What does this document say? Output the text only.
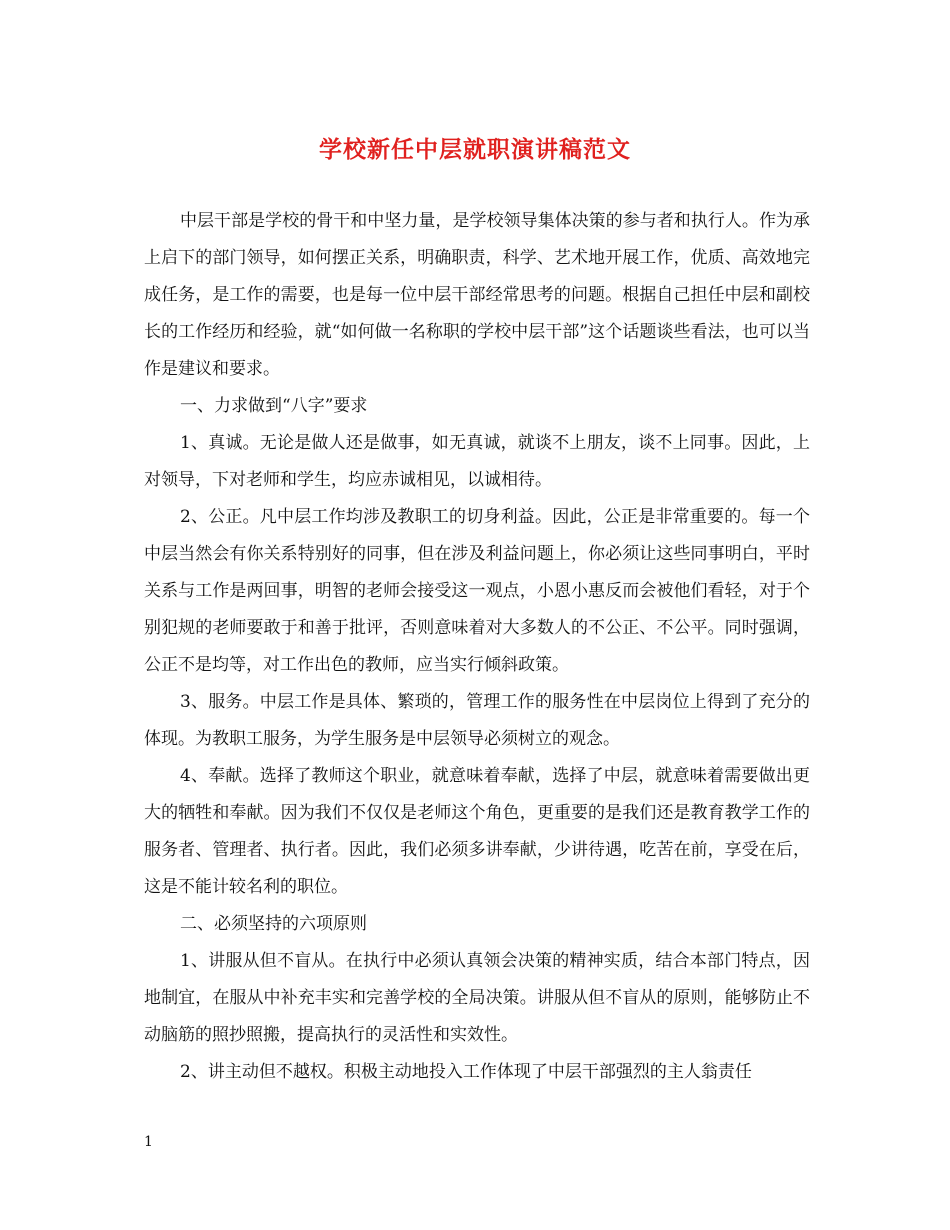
学校新任中层就职演讲稿范文

中层干部是学校的骨干和中坚力量，是学校领导集体决策的参与者和执行人。作为承上启下的部门领导，如何摆正关系，明确职责，科学、艺术地开展工作，优质、高效地完成任务，是工作的需要，也是每一位中层干部经常思考的问题。根据自己担任中层和副校长的工作经历和经验，就“如何做一名称职的学校中层干部”这个话题谈些看法，也可以当作是建议和要求。

一、力求做到“八字”要求

1、真诚。无论是做人还是做事，如无真诚，就谈不上朋友，谈不上同事。因此，上对领导，下对老师和学生，均应赤诚相见，以诚相待。

2、公正。凡中层工作均涉及教职工的切身利益。因此，公正是非常重要的。每一个中层当然会有你关系特别好的同事，但在涉及利益问题上，你必须让这些同事明白，平时关系与工作是两回事，明智的老师会接受这一观点，小恩小惠反而会被他们看轻，对于个别犯规的老师要敢于和善于批评，否则意味着对大多数人的不公正、不公平。同时强调，公正不是均等，对工作出色的教师，应当实行倾斜政策。

3、服务。中层工作是具体、繁琐的，管理工作的服务性在中层岗位上得到了充分的体现。为教职工服务，为学生服务是中层领导必须树立的观念。

4、奉献。选择了教师这个职业，就意味着奉献，选择了中层，就意味着需要做出更大的牺牲和奉献。因为我们不仅仅是老师这个角色，更重要的是我们还是教育教学工作的服务者、管理者、执行者。因此，我们必须多讲奉献，少讲待遇，吃苦在前，享受在后，这是不能计较名利的职位。

二、必须坚持的六项原则

1、讲服从但不盲从。在执行中必须认真领会决策的精神实质，结合本部门特点，因地制宜，在服从中补充丰实和完善学校的全局决策。讲服从但不盲从的原则，能够防止不动脑筋的照抄照搬，提高执行的灵活性和实效性。

2、讲主动但不越权。积极主动地投入工作体现了中层干部强烈的主人翁责任

1
